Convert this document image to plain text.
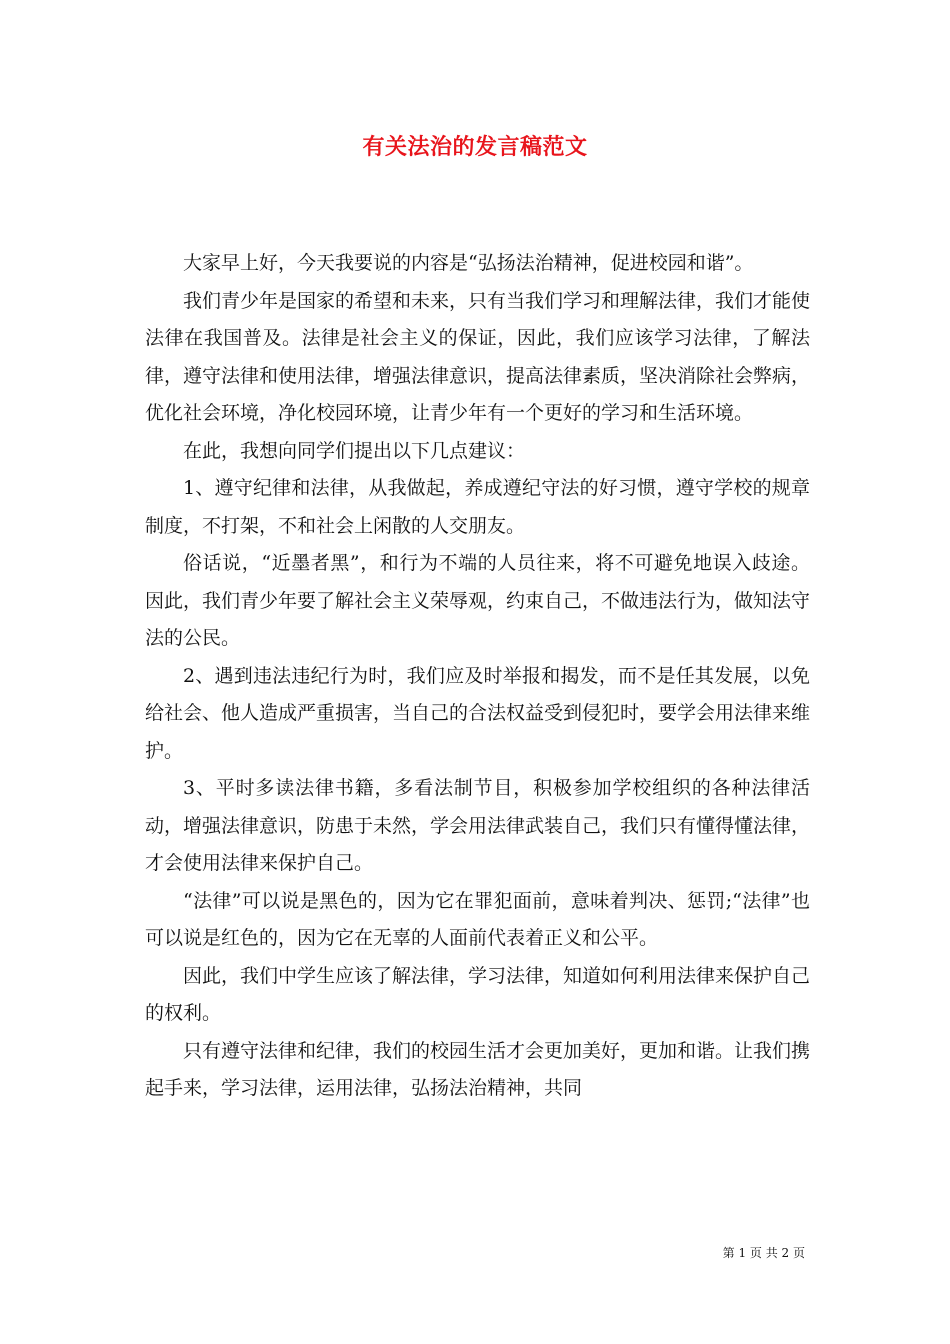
有关法治的发言稿范文

大家早上好，今天我要说的内容是“弘扬法治精神，促进校园和谐”。

我们青少年是国家的希望和未来，只有当我们学习和理解法律，我们才能使法律在我国普及。法律是社会主义的保证，因此，我们应该学习法律，了解法律，遵守法律和使用法律，增强法律意识，提高法律素质，坚决消除社会弊病，优化社会环境，净化校园环境，让青少年有一个更好的学习和生活环境。

在此，我想向同学们提出以下几点建议：

1、遵守纪律和法律，从我做起，养成遵纪守法的好习惯，遵守学校的规章制度，不打架，不和社会上闲散的人交朋友。

俗话说，“近墨者黑”，和行为不端的人员往来，将不可避免地误入歧途。因此，我们青少年要了解社会主义荣辱观，约束自己，不做违法行为，做知法守法的公民。

2、遇到违法违纪行为时，我们应及时举报和揭发，而不是任其发展，以免给社会、他人造成严重损害，当自己的合法权益受到侵犯时，要学会用法律来维护。

3、平时多读法律书籍，多看法制节目，积极参加学校组织的各种法律活动，增强法律意识，防患于未然，学会用法律武装自己，我们只有懂得懂法律，才会使用法律来保护自己。

“法律”可以说是黑色的，因为它在罪犯面前，意味着判决、惩罚;“法律”也可以说是红色的，因为它在无辜的人面前代表着正义和公平。

因此，我们中学生应该了解法律，学习法律，知道如何利用法律来保护自己的权利。

只有遵守法律和纪律，我们的校园生活才会更加美好，更加和谐。让我们携起手来，学习法律，运用法律，弘扬法治精神，共同

第 1 页 共 2 页
